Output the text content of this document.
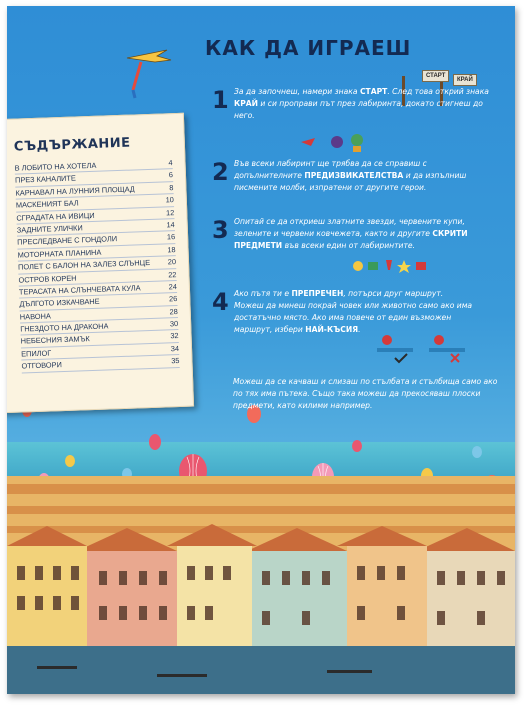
СТАРТ
КРАЙ
СЪДЪРЖАНИЕ
В ЛОБИТО НА ХОТЕЛА	4
ПРЕЗ КАНАЛИТЕ	6
КАРНАВАЛ НА ЛУННИЯ ПЛОЩАД	8
МАСКЕНИЯТ БАЛ	10
СГРАДАТА НА ИВИЦИ	12
ЗАДНИТЕ УЛИЧКИ	14
ПРЕСЛЕДВАНЕ С ГОНДОЛИ	16
МОТОРНАТА ПЛАНИНА	18
ПОЛЕТ С БАЛОН НА ЗАЛЕЗ СЛЪНЦЕ 20
ОСТРОВ КОРЕН	22
ТЕРАСАТА НА СЛЪНЧЕВАТА КУЛА	24
ДЪЛГОТО ИЗКАЧВАНЕ	26
НАВОНА	28
ГНЕЗДОТО НА ДРАКОНА	30
НЕБЕСНИЯ ЗАМЪК	32
ЕПИЛОГ	34
ОТГОВОРИ	35
КАК ДА ИГРАЕШ
1 За да започнеш, намери знака СТАРТ. След това открий знака КРАЙ и си проправи път през лабиринта, докато стигнеш до него.
2 Във всеки лабиринт ще трябва да се справиш с допълнителните ПРЕДИЗВИКАТЕЛСТВА и да изпълниш писмените молби, изпратени от другите герои.
3 Опитай се да откриеш златните звезди, червените купи, зелените и червени ковчежета, както и другите СКРИТИ ПРЕДМЕТИ във всеки един от лабиринтите.
4 Ако пътя ти е ПРЕПРЕЧЕН, потърси друг маршрут. Можеш да минеш покрай човек или животно само ако има достатъчно място. Ако има повече от един възможен маршрут, избери НАЙ-КЪСИЯ.
Можеш да се качваш и слизаш по стълбата и стълбища само ако по тях има пътека. Също така можеш да прекосяваш плоски предмети, като килими например.
